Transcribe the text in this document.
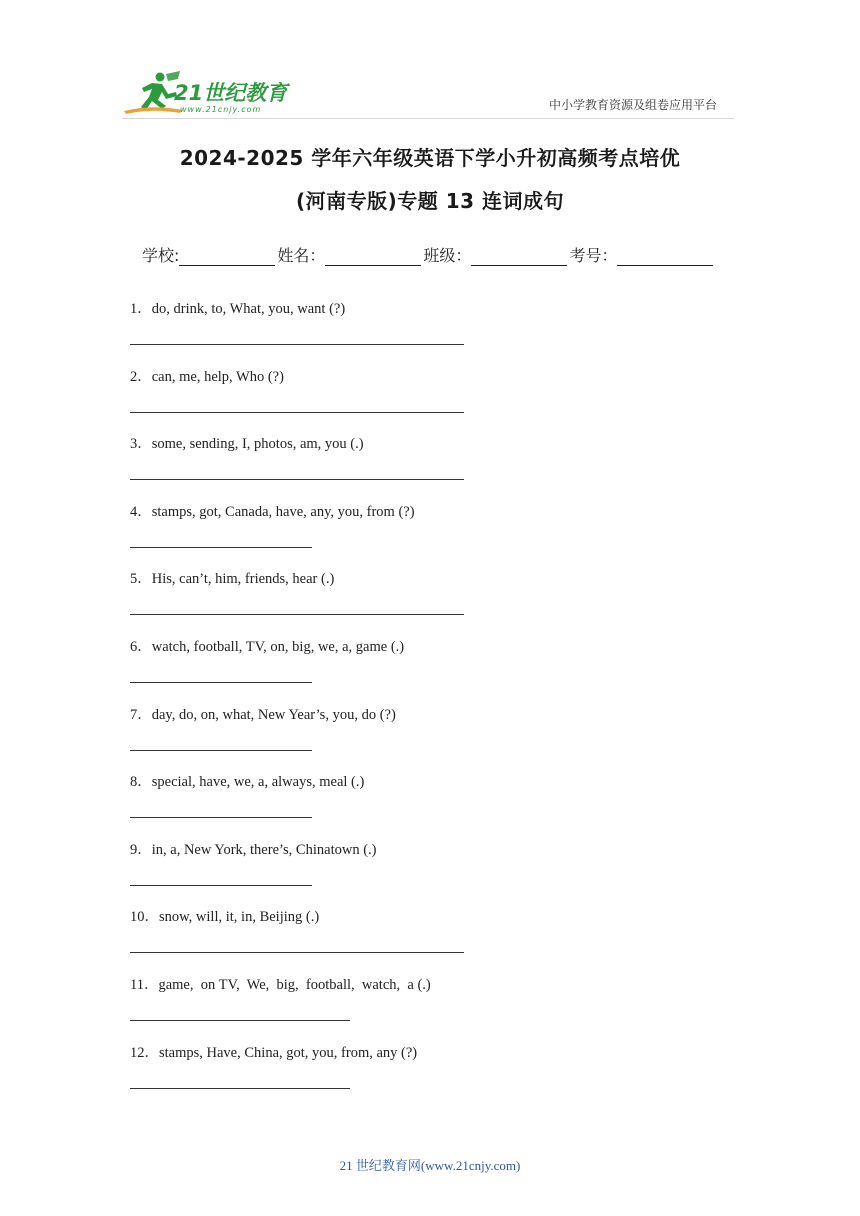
21世纪教育
www.21cnjy.com	中小学教育资源及组卷应用平台
2024-2025 学年六年级英语下学小升初高频考点培优
(河南专版)专题 13 连词成句
学校:	姓名：	班级：	考号：
1．do, drink, to, What, you, want (?)
2．can, me, help, Who (?)
3．some, sending, I, photos, am, you (.)
4．stamps, got, Canada, have, any, you, from (?)
5．His, can’t, him, friends, hear (.)
6．watch, football, TV, on, big, we, a, game (.)
7．day, do, on, what, New Year’s, you, do (?)
8．special, have, we, a, always, meal (.)
9．in, a, New York, there’s, Chinatown (.)
10．snow, will, it, in, Beijing (.)
11．game,  on TV,  We,  big,  football,  watch,  a (.)
12．stamps, Have, China, got, you, from, any (?)
21 世纪教育网(www.21cnjy.com)
